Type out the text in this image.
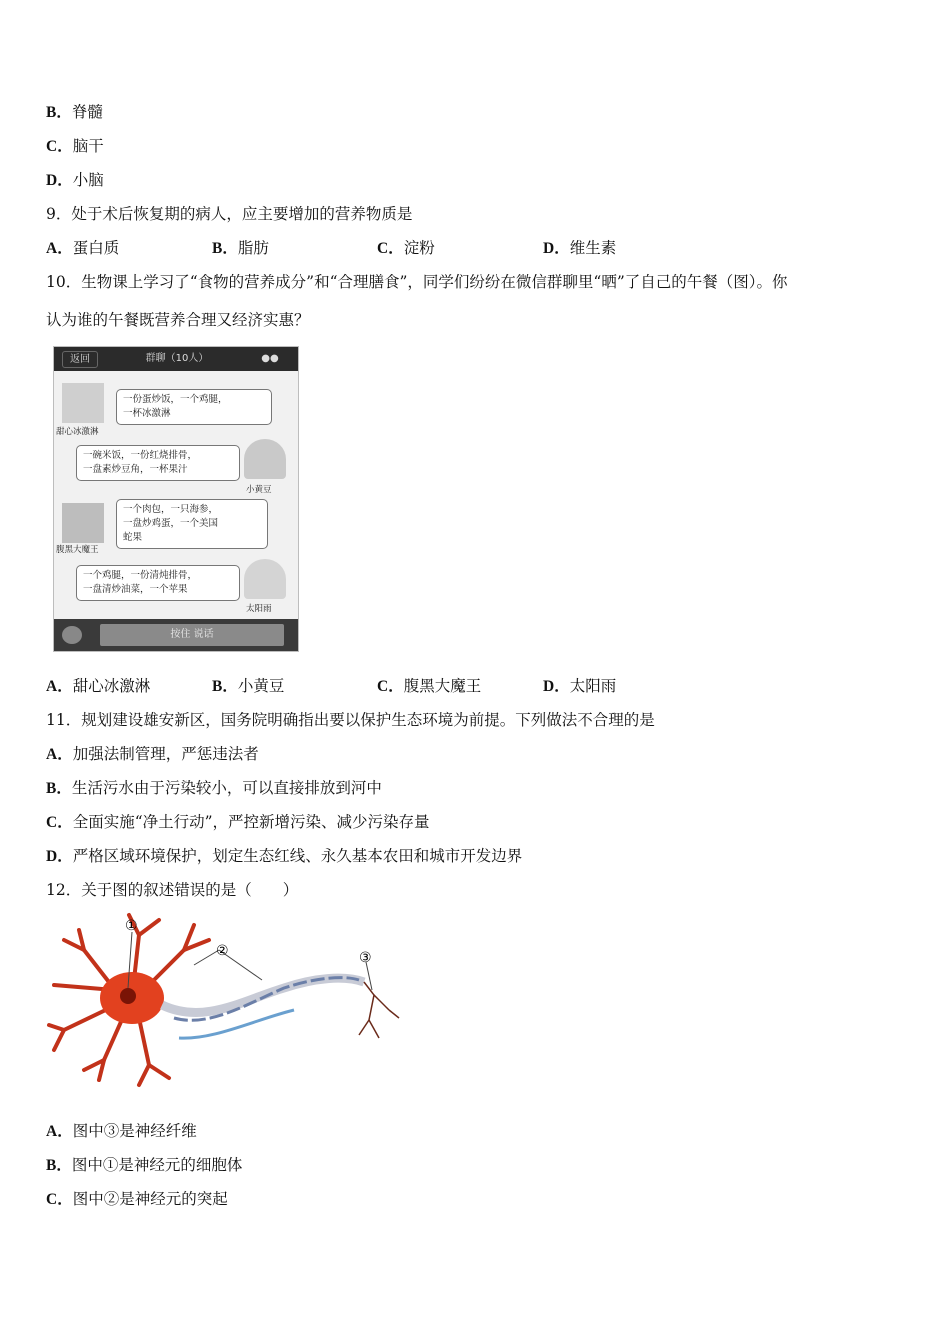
B．脊髓
C．脑干
D．小脑
9．处于术后恢复期的病人，应主要增加的营养物质是
A．蛋白质	B．脂肪	C．淀粉	D．维生素
10．生物课上学习了“食物的营养成分”和“合理膳食”，同学们纷纷在微信群聊里“晒”了自己的午餐（图）。你
认为谁的午餐既营养合理又经济实惠？
返回	群聊（10人）	●●
甜心冰激淋
一份蛋炒饭，一个鸡腿，
一杯冰激淋
小黄豆
一碗米饭，一份红烧排骨，
一盘素炒豆角，一杯果汁
腹黑大魔王
一个肉包，一只海参，
一盘炒鸡蛋，一个美国
蛇果
太阳雨
一个鸡腿，一份清炖排骨，
一盘清炒油菜，一个苹果
按住 说话
A．甜心冰激淋	B．小黄豆	C．腹黑大魔王	D．太阳雨
11．规划建设雄安新区，国务院明确指出要以保护生态环境为前提。下列做法不合理的是
A．加强法制管理，严惩违法者
B．生活污水由于污染较小，可以直接排放到河中
C．全面实施“净土行动”，严控新增污染、减少污染存量
D．严格区域环境保护，划定生态红线、永久基本农田和城市开发边界
12．关于图的叙述错误的是（　　）
①
②	③
A．图中③是神经纤维
B．图中①是神经元的细胞体
C．图中②是神经元的突起
